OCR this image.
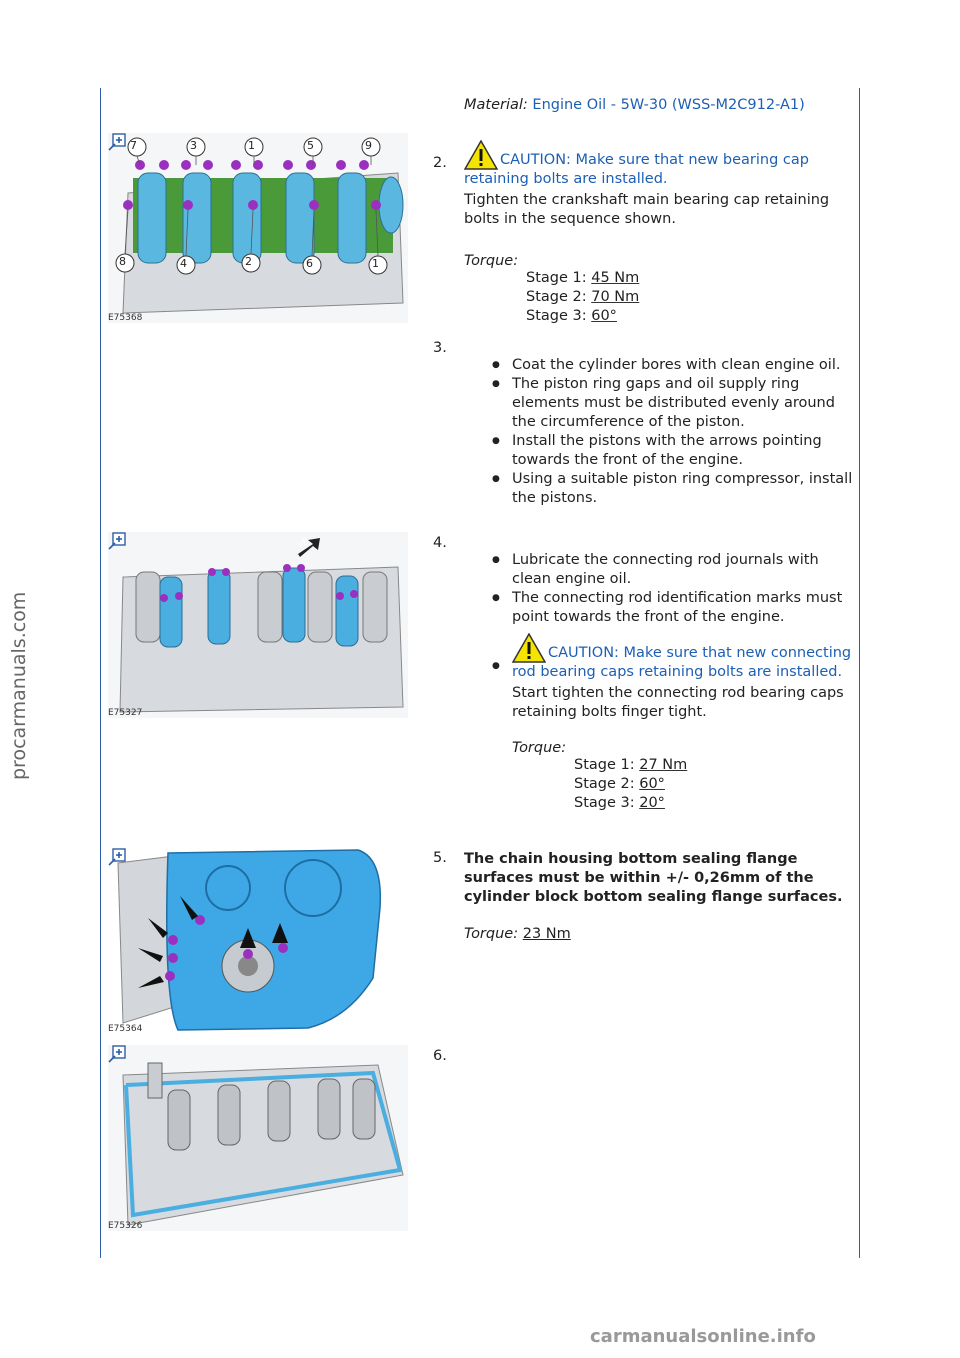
procarmanuals.com
carmanualsonline.info
Material: Engine Oil - 5W-30 (WSS-M2C912-A1)
7	3	1	5	9
8	4	2	6	1
E75368
2.	CAUTION: Make sure that new bearing cap retaining bolts are installed.
Tighten the crankshaft main bearing cap retaining bolts in the sequence shown.
Torque:
Stage 1: 45 Nm
Stage 2: 70 Nm
Stage 3: 60°
3.
● Coat the cylinder bores with clean engine oil.
● The piston ring gaps and oil supply ring elements must be distributed evenly around the circumference of the piston.
● Install the pistons with the arrows pointing towards the front of the engine.
● Using a suitable piston ring compressor, install the pistons.
x8
E75327
4.
● Lubricate the connecting rod journals with clean engine oil.
● The connecting rod identification marks must point towards the front of the engine.
●
CAUTION: Make sure that new connecting rod bearing caps retaining bolts are installed.
Start tighten the connecting rod bearing caps retaining bolts finger tight.
Torque:
Stage 1: 27 Nm
Stage 2: 60°
Stage 3: 20°
E75364
5.	The chain housing bottom sealing flange surfaces must be within +/- 0,26mm of the cylinder block bottom sealing flange surfaces.
Torque: 23 Nm
E75326
6.
